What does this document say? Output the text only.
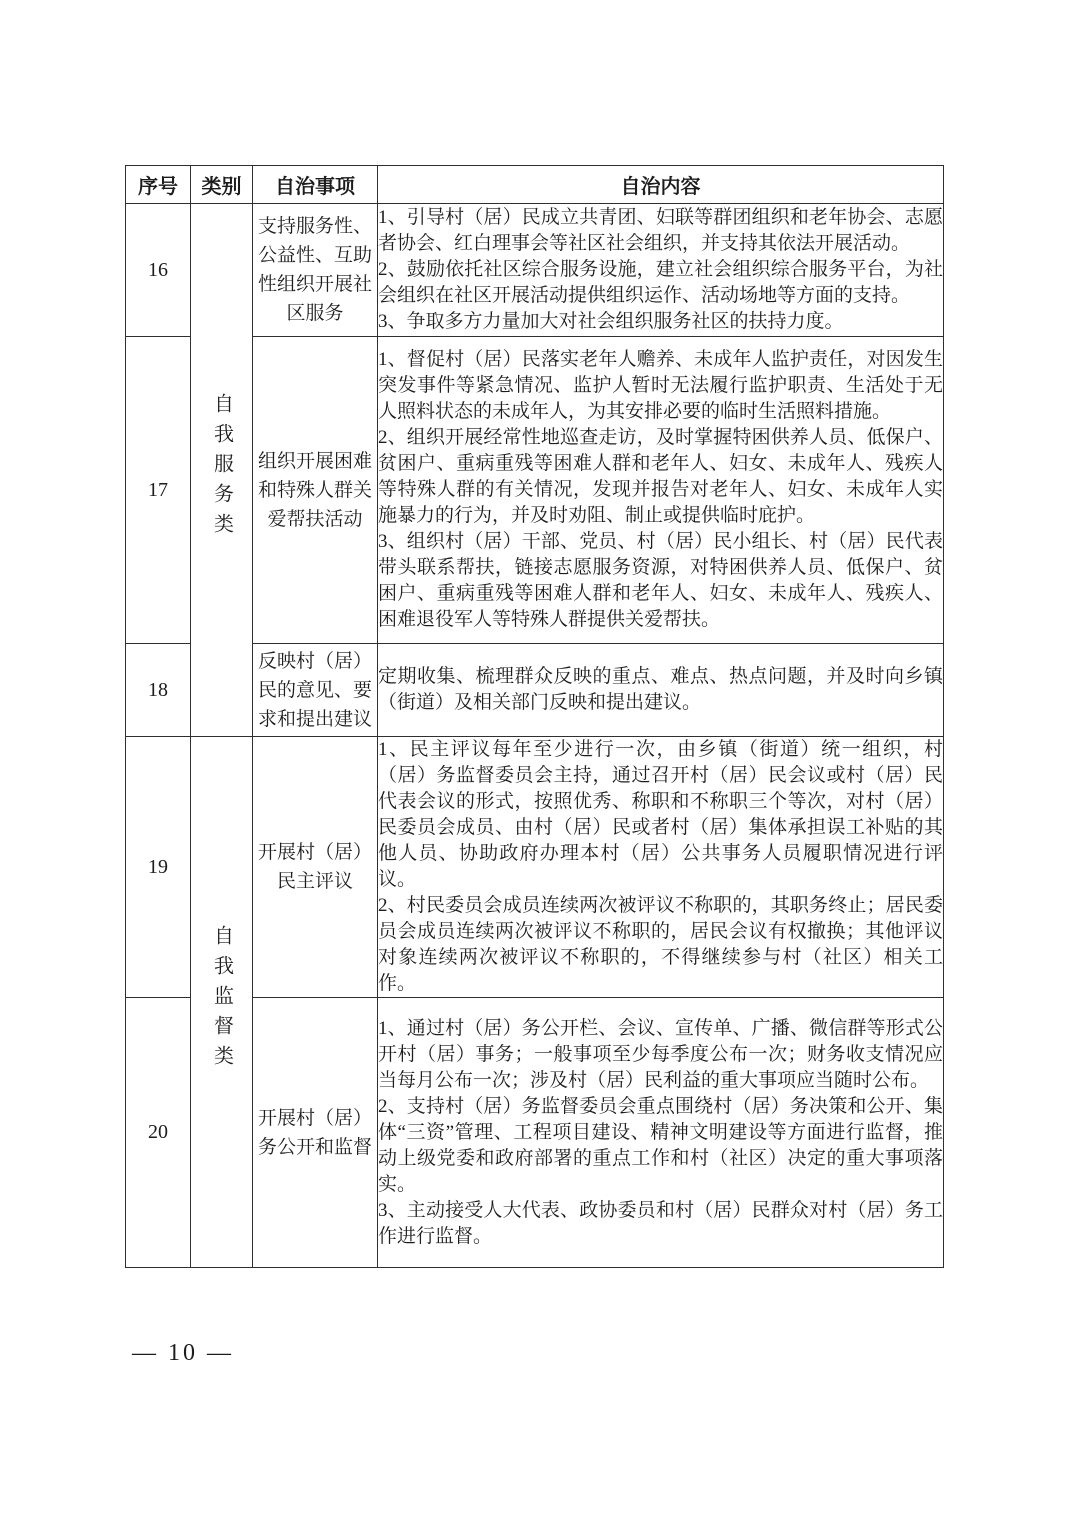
序号	类别	自治事项	自治内容
16	自我服务类	支持服务性、公益性、互助性组织开展社区服务	1、引导村（居）民成立共青团、妇联等群团组织和老年协会、志愿者协会、红白理事会等社区社会组织，并支持其依法开展活动。

2、鼓励依托社区综合服务设施，建立社会组织综合服务平台，为社会组织在社区开展活动提供组织运作、活动场地等方面的支持。

3、争取多方力量加大对社会组织服务社区的扶持力度。

17		组织开展困难和特殊人群关爱帮扶活动	1、督促村（居）民落实老年人赡养、未成年人监护责任，对因发生突发事件等紧急情况、监护人暂时无法履行监护职责、生活处于无人照料状态的未成年人，为其安排必要的临时生活照料措施。

2、组织开展经常性地巡查走访，及时掌握特困供养人员、低保户、贫困户、重病重残等困难人群和老年人、妇女、未成年人、残疾人等特殊人群的有关情况，发现并报告对老年人、妇女、未成年人实施暴力的行为，并及时劝阻、制止或提供临时庇护。

3、组织村（居）干部、党员、村（居）民小组长、村（居）民代表带头联系帮扶，链接志愿服务资源，对特困供养人员、低保户、贫困户、重病重残等困难人群和老年人、妇女、未成年人、残疾人、困难退役军人等特殊人群提供关爱帮扶。

18		反映村（居）民的意见、要求和提出建议	定期收集、梳理群众反映的重点、难点、热点问题，并及时向乡镇（街道）及相关部门反映和提出建议。

19	自我监督类	开展村（居）民主评议	1、民主评议每年至少进行一次，由乡镇（街道）统一组织，村（居）务监督委员会主持，通过召开村（居）民会议或村（居）民代表会议的形式，按照优秀、称职和不称职三个等次，对村（居）民委员会成员、由村（居）民或者村（居）集体承担误工补贴的其他人员、协助政府办理本村（居）公共事务人员履职情况进行评议。

2、村民委员会成员连续两次被评议不称职的，其职务终止；居民委员会成员连续两次被评议不称职的，居民会议有权撤换；其他评议对象连续两次被评议不称职的，不得继续参与村（社区）相关工作。

20		开展村（居）务公开和监督	1、通过村（居）务公开栏、会议、宣传单、广播、微信群等形式公开村（居）事务；一般事项至少每季度公布一次；财务收支情况应当每月公布一次；涉及村（居）民利益的重大事项应当随时公布。

2、支持村（居）务监督委员会重点围绕村（居）务决策和公开、集体“三资”管理、工程项目建设、精神文明建设等方面进行监督，推动上级党委和政府部署的重点工作和村（社区）决定的重大事项落实。

3、主动接受人大代表、政协委员和村（居）民群众对村（居）务工作进行监督。

— 10 —
